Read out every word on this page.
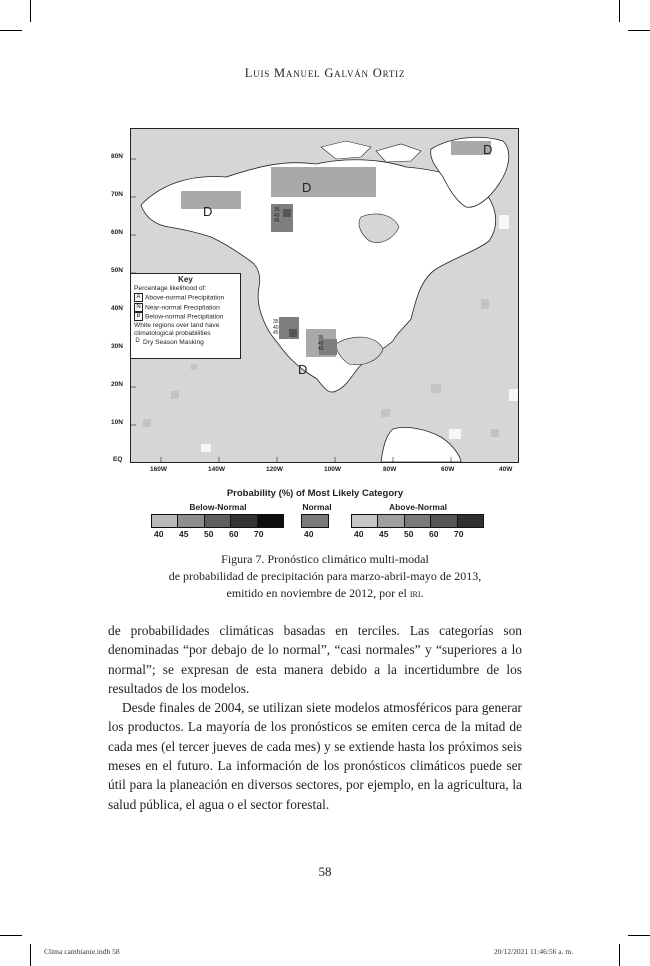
Luis Manuel Galván Ortiz
80N
70N
60N
50N
40N
30N
20N
10N
EQ
D
D
D
D
35
40
45
35
40
45
35
40
45
Key
Percentage likelihood of:
A Above-normal Precipitation
N Near-normal Precipitation
B Below-normal Precipitation
White regions over land have climatological probabilities
D Dry Season Masking
160W	140W	120W	100W	80W	60W	40W
Probability (%) of Most Likely Category
Below-Normal
40 45 50 60 70
Normal
40
Above-Normal
40 45 50 60 70
Figura 7. Pronóstico climático multi-modal
de probabilidad de precipitación para marzo-abril-mayo de 2013,
emitido en noviembre de 2012, por el iri.

de probabilidades climáticas basadas en terciles. Las categorías son denominadas “por debajo de lo normal”, “casi normales” y “superiores a lo normal”; se expresan de esta manera debido a la incertidumbre de los resultados de los modelos.

Desde finales de 2004, se utilizan siete modelos atmosféricos para generar los productos. La mayoría de los pronósticos se emiten cerca de la mitad de cada mes (el tercer jueves de cada mes) y se extiende hasta los próximos seis meses en el futuro. La información de los pronósticos climáticos puede ser útil para la planeación en diversos sectores, por ejemplo, en la agricultura, la salud pública, el agua o el sector forestal.

58
Clima cambiante.indb 58	20/12/2021 11:46:56 a. m.
